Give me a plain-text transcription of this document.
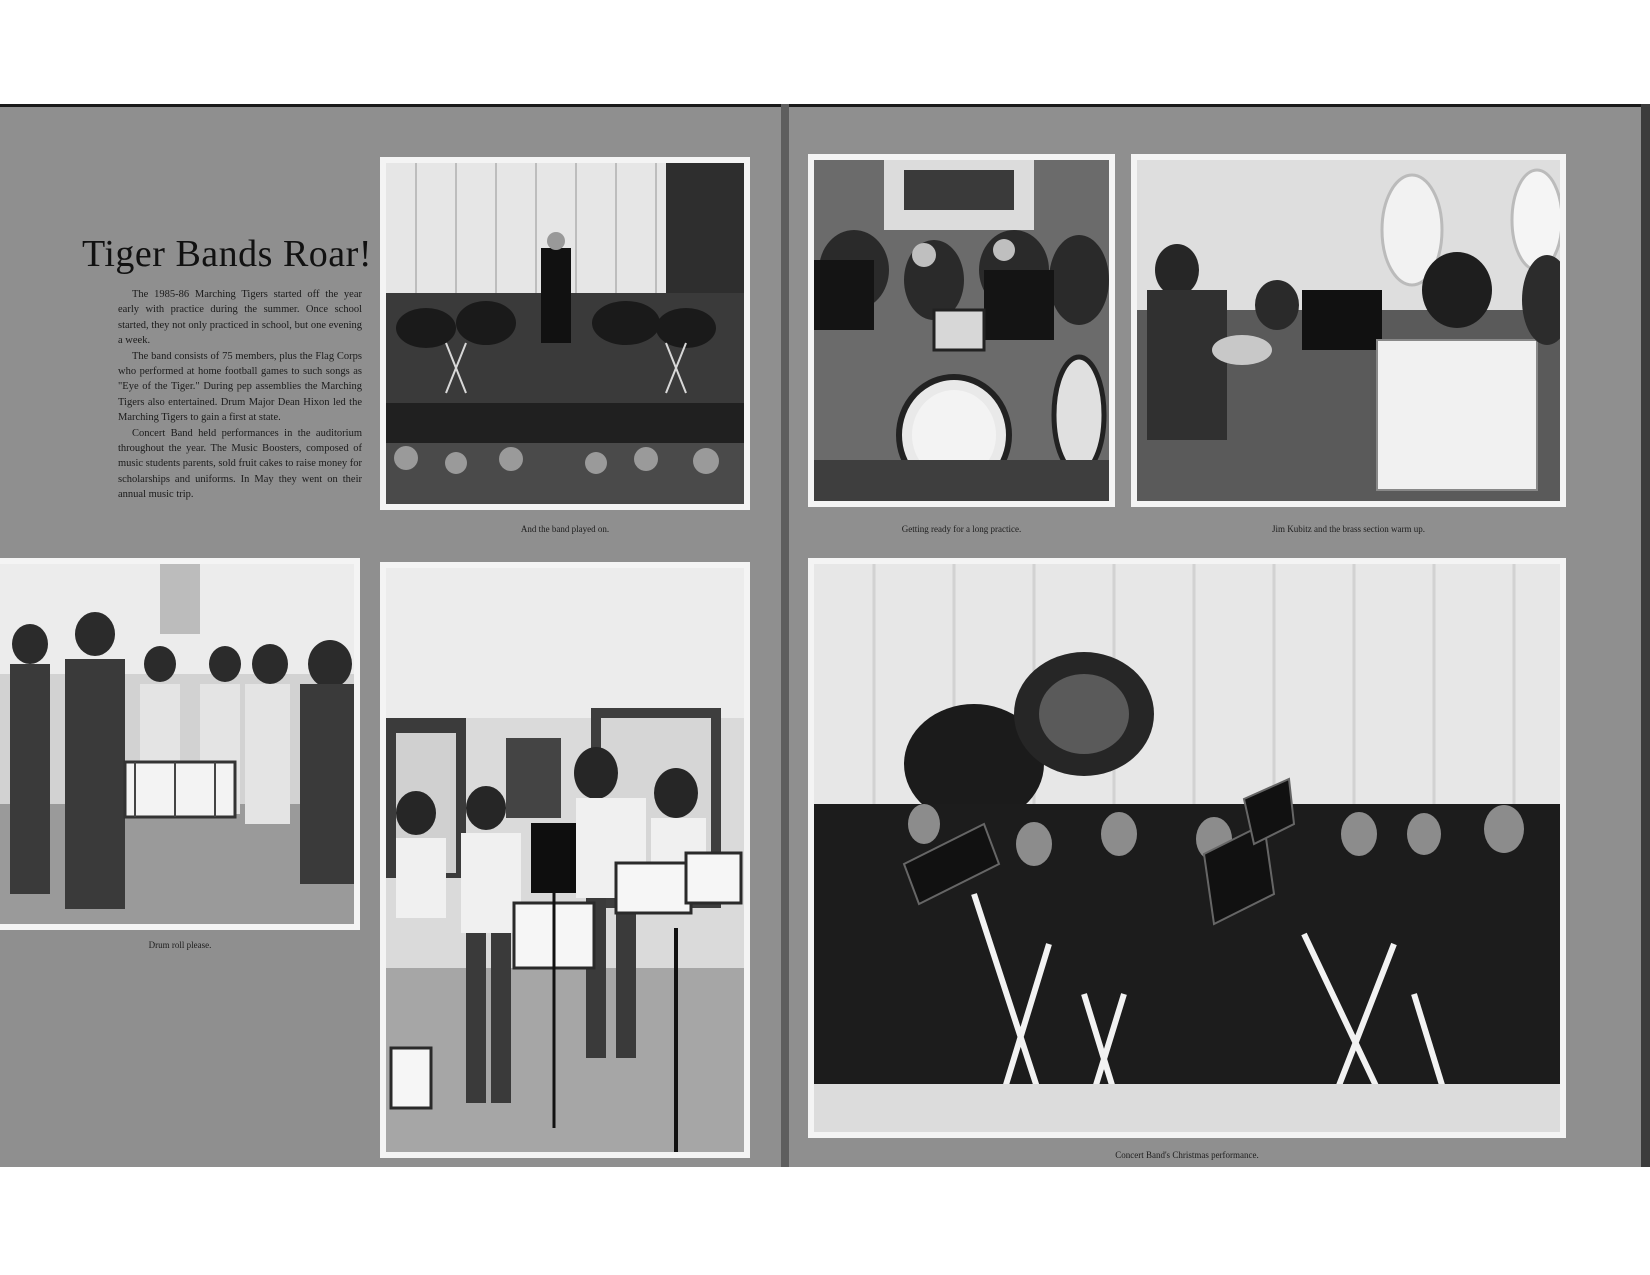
Tiger Bands Roar!

The 1985-86 Marching Tigers started off the year early with practice during the summer. Once school started, they not only practiced in school, but one evening a week.

The band consists of 75 members, plus the Flag Corps who performed at home football games to such songs as "Eye of the Tiger." During pep assemblies the Marching Tigers also entertained. Drum Major Dean Hixon led the Marching Tigers to gain a first at state.

Concert Band held performances in the auditorium throughout the year. The Music Boosters, composed of music students parents, sold fruit cakes to raise money for scholarships and uniforms. In May they went on their annual music trip.

And the band played on.	Getting ready for a long practice.	Jim Kubitz and the brass section warm up.
Drum roll please.
Concert Band's Christmas performance.
